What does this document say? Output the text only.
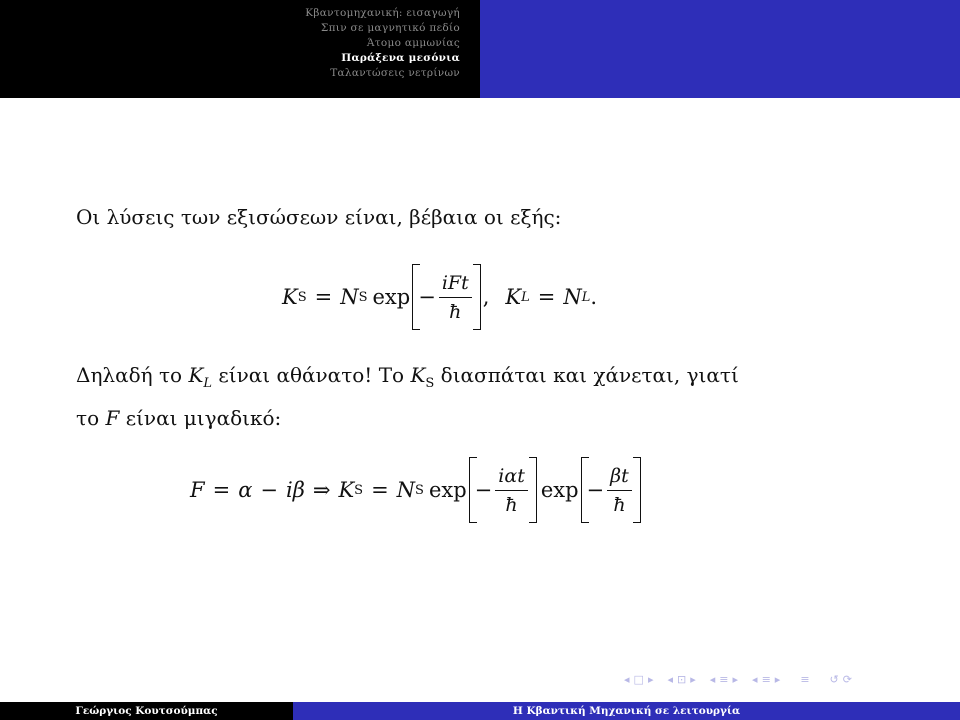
Κβαντομηχανική: εισαγωγή
Σπιν σε μαγνητικό πεδίο
Άτομο αμμωνίας
Παράξενα μεσόνια
Ταλαντώσεις νετρίνων
Οι λύσεις των εξισώσεων είναι, βέβαια οι εξής:
K S = N S $\exp - \frac{\text{iFt}}{ħ}$ , K L = N L .
Δηλαδή το $K_L$ είναι αθάνατο! Το $K_S$ διασπάται και χάνεται, γιατί
το F είναι μιγαδικό:
F = α − iβ ⇒ K S = N S $\exp - \frac{\text{iαt}}{ħ}$ $\exp - \frac{\beta t}{ħ}$
◂ □ ▸ ◂ ⊡ ▸ ◂ ≡ ▸ ◂ ≡ ▸ ≡ ↺ ⟳
Γεώργιος Κουτσούμπας	Η Κβαντική Μηχανική σε λειτουργία
